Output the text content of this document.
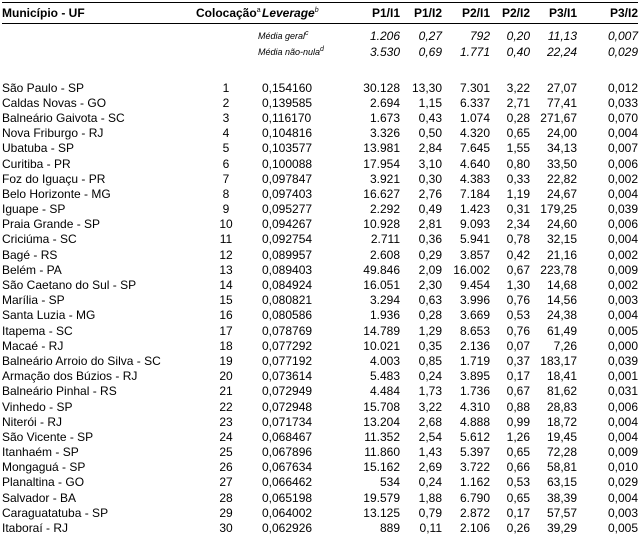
Município - UF	Colocação$^a$	Leverage$^b$	P1/I1	P1/I2	P2/I1	P2/I2	P3/I1	P3/I2

		Média geral$^c$	1.206	0,27	792	0,20	11,13	0,007
		Média não-nula$^d$	3.530	0,69	1.771	0,40	22,24	0,029

São Paulo - SP	1	0,154160	30.128	13,30	7.301	3,22	27,07	0,012
Caldas Novas - GO	2	0,139585	2.694	1,15	6.337	2,71	77,41	0,033
Balneário Gaivota - SC	3	0,116170	1.673	0,43	1.074	0,28	271,67	0,070
Nova Friburgo - RJ	4	0,104816	3.326	0,50	4.320	0,65	24,00	0,004
Ubatuba - SP	5	0,103577	13.981	2,84	7.645	1,55	34,13	0,007
Curitiba - PR	6	0,100088	17.954	3,10	4.640	0,80	33,50	0,006
Foz do Iguaçu - PR	7	0,097847	3.921	0,30	4.383	0,33	22,82	0,002
Belo Horizonte - MG	8	0,097403	16.627	2,76	7.184	1,19	24,67	0,004
Iguape - SP	9	0,095277	2.292	0,49	1.423	0,31	179,25	0,039
Praia Grande - SP	10	0,094267	10.928	2,81	9.093	2,34	24,60	0,006
Criciúma - SC	11	0,092754	2.711	0,36	5.941	0,78	32,15	0,004
Bagé - RS	12	0,089957	2.608	0,29	3.857	0,42	21,16	0,002
Belém - PA	13	0,089403	49.846	2,09	16.002	0,67	223,78	0,009
São Caetano do Sul - SP	14	0,084924	16.051	2,30	9.454	1,30	14,68	0,002
Marília - SP	15	0,080821	3.294	0,63	3.996	0,76	14,56	0,003
Santa Luzia - MG	16	0,080586	1.936	0,28	3.669	0,53	24,38	0,004
Itapema - SC	17	0,078769	14.789	1,29	8.653	0,76	61,49	0,005
Macaé - RJ	18	0,077292	10.021	0,35	2.136	0,07	7,26	0,000
Balneário Arroio do Silva - SC	19	0,077192	4.003	0,85	1.719	0,37	183,17	0,039
Armação dos Búzios - RJ	20	0,073614	5.483	0,24	3.895	0,17	18,41	0,001
Balneário Pinhal - RS	21	0,072949	4.484	1,73	1.736	0,67	81,62	0,031
Vinhedo - SP	22	0,072948	15.708	3,22	4.310	0,88	28,83	0,006
Niterói - RJ	23	0,071734	13.204	2,68	4.888	0,99	18,72	0,004
São Vicente - SP	24	0,068467	11.352	2,54	5.612	1,26	19,45	0,004
Itanhaém - SP	25	0,067896	11.860	1,43	5.397	0,65	72,28	0,009
Mongaguá - SP	26	0,067634	15.162	2,69	3.722	0,66	58,81	0,010
Planaltina - GO	27	0,066462	534	0,24	1.162	0,53	63,15	0,029
Salvador - BA	28	0,065198	19.579	1,88	6.790	0,65	38,39	0,004
Caraguatatuba - SP	29	0,064002	13.125	0,79	2.872	0,17	57,57	0,003
Itaboraí - RJ	30	0,062926	889	0,11	2.106	0,26	39,29	0,005
